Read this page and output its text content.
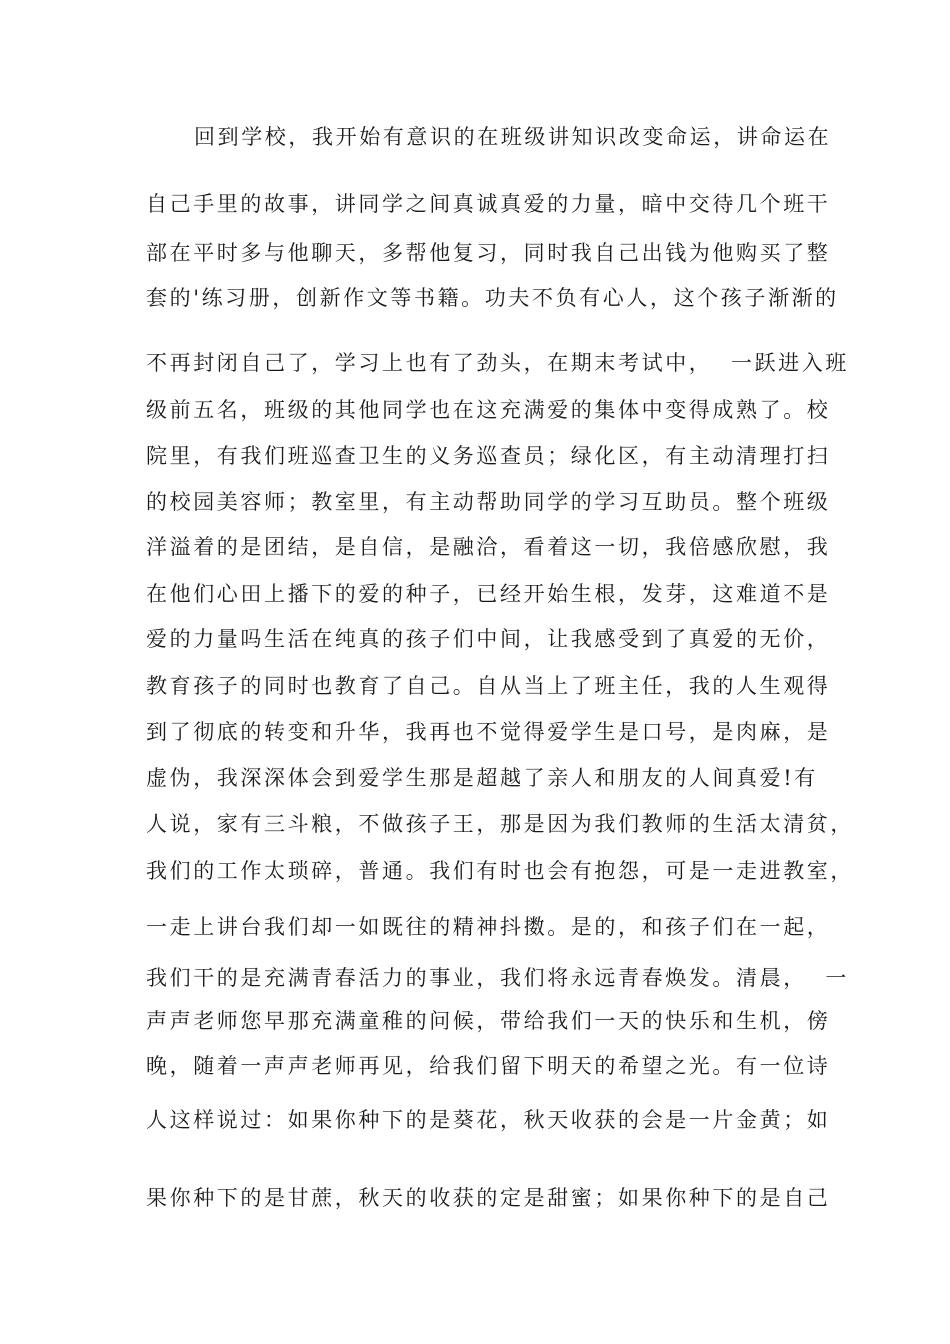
回到学校，我开始有意识的在班级讲知识改变命运，讲命运在
自己手里的故事，讲同学之间真诚真爱的力量，暗中交待几个班干
部在平时多与他聊天，多帮他复习，同时我自己出钱为他购买了整
套的'练习册，创新作文等书籍。功夫不负有心人，这个孩子渐渐的
不再封闭自己了，学习上也有了劲头，在期末考试中，  一跃进入班
级前五名，班级的其他同学也在这充满爱的集体中变得成熟了。校
院里，有我们班巡查卫生的义务巡查员；绿化区，有主动清理打扫
的校园美容师；教室里，有主动帮助同学的学习互助员。整个班级
洋溢着的是团结，是自信，是融洽，看着这一切，我倍感欣慰，我
在他们心田上播下的爱的种子，已经开始生根，发芽，这难道不是
爱的力量吗生活在纯真的孩子们中间，让我感受到了真爱的无价，
教育孩子的同时也教育了自己。自从当上了班主任，我的人生观得
到了彻底的转变和升华，我再也不觉得爱学生是口号，是肉麻，是
虚伪，我深深体会到爱学生那是超越了亲人和朋友的人间真爱!有
人说，家有三斗粮，不做孩子王，那是因为我们教师的生活太清贫，
我们的工作太琐碎，普通。我们有时也会有抱怨，可是一走进教室，
一走上讲台我们却一如既往的精神抖擞。是的，和孩子们在一起，
我们干的是充满青春活力的事业，我们将永远青春焕发。清晨，  一
声声老师您早那充满童稚的问候，带给我们一天的快乐和生机，傍
晚，随着一声声老师再见，给我们留下明天的希望之光。有一位诗
人这样说过：如果你种下的是葵花，秋天收获的会是一片金黄；如
果你种下的是甘蔗，秋天的收获的定是甜蜜；如果你种下的是自己
